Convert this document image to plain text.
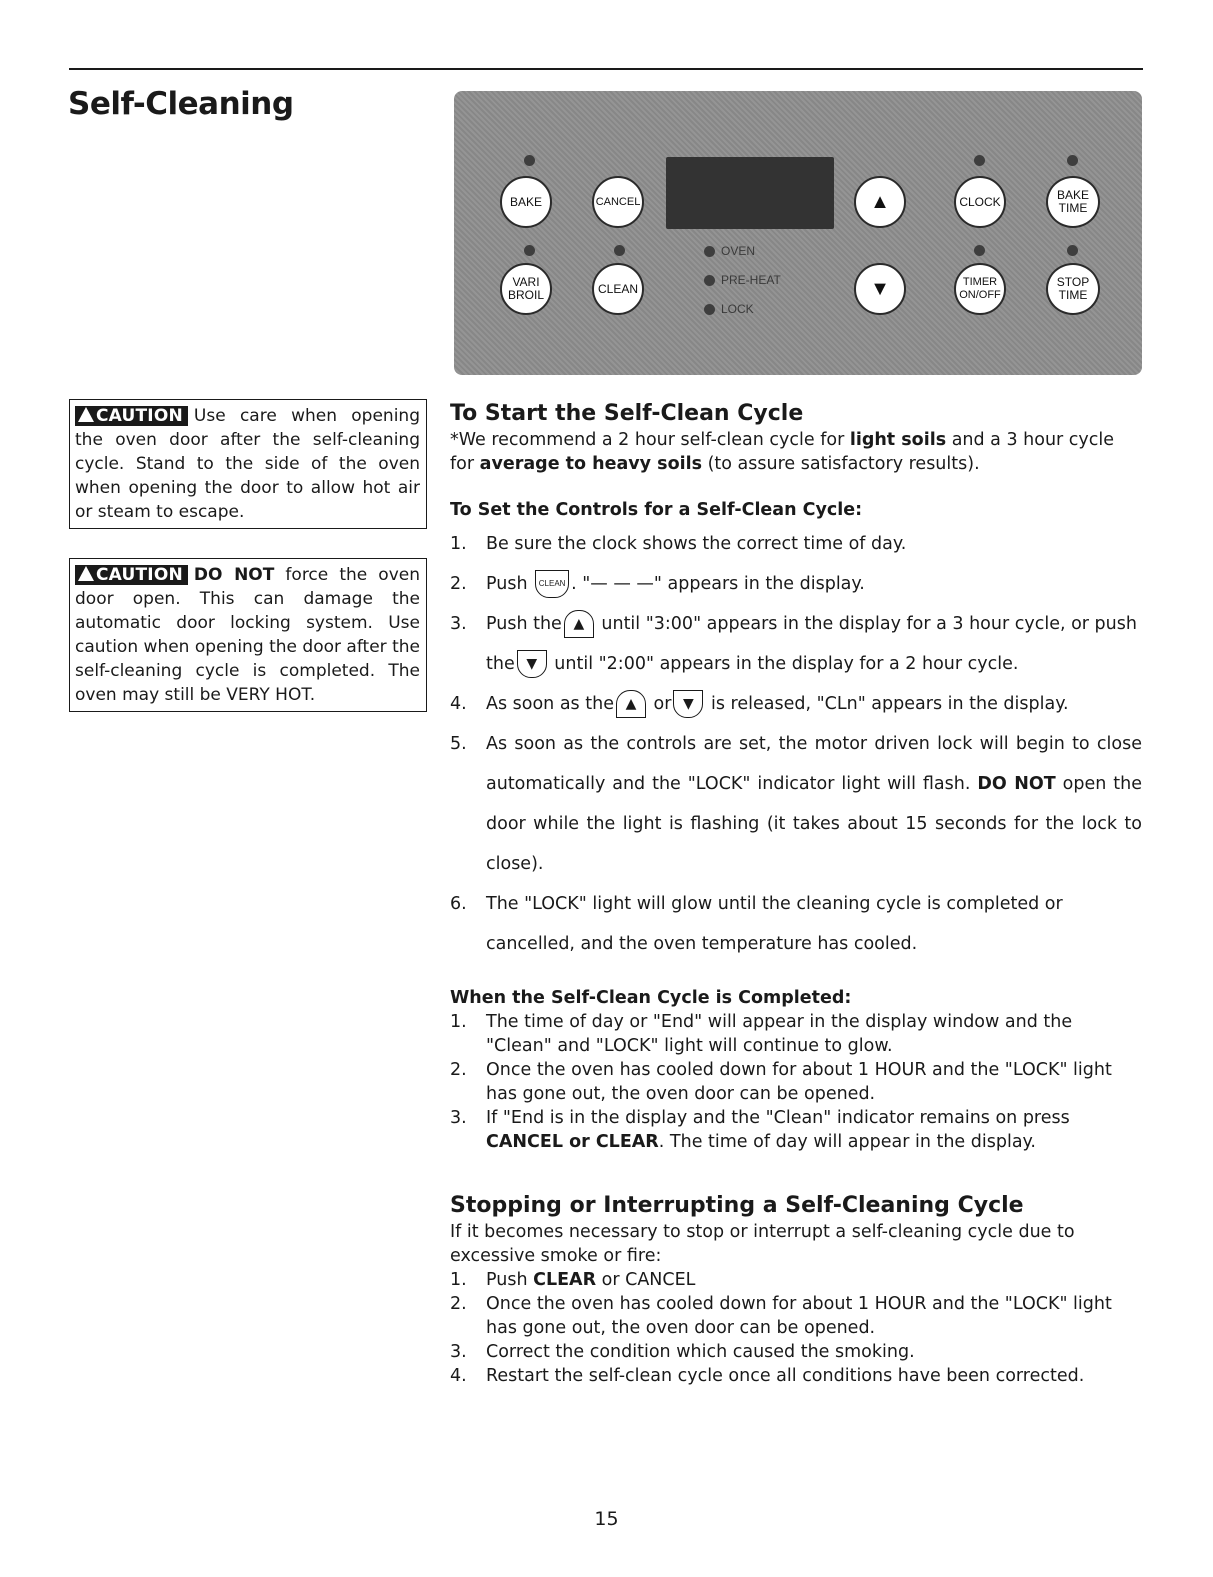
Self-Cleaning
BAKE	CANCEL	▲	CLOCK	BAKE TIME
VARI BROIL	CLEAN
OVEN
PRE-HEAT
LOCK
▼	TIMER ON/OFF
STOP TIME
CAUTION Use care when opening the oven door after the self-cleaning cycle. Stand to the side of the oven when opening the door to allow hot air or steam to escape.
CAUTION DO NOT force the oven door open. This can damage the automatic door locking system. Use caution when opening the door after the self-cleaning cycle is completed. The oven may still be VERY HOT.
To Start the Self-Clean Cycle
*We recommend a 2 hour self-clean cycle for light soils and a 3 hour cycle for average to heavy soils (to assure satisfactory results).
To Set the Controls for a Self-Clean Cycle:
1. Be sure the clock shows the correct time of day.
2. Push CLEAN . "— — —" appears in the display.
3. Push the ▲ until "3:00" appears in the display for a 3 hour cycle, or push the ▼ until "2:00" appears in the display for a 2 hour cycle.
4. As soon as the ▲ or ▼ is released, "CLn" appears in the display.
5. As soon as the controls are set, the motor driven lock will begin to close automatically and the "LOCK" indicator light will flash. DO NOT open the door while the light is flashing (it takes about 15 seconds for the lock to close).
6. The "LOCK" light will glow until the cleaning cycle is completed or cancelled, and the oven temperature has cooled.
When the Self-Clean Cycle is Completed:
1. The time of day or "End" will appear in the display window and the "Clean" and "LOCK" light will continue to glow.
2. Once the oven has cooled down for about 1 HOUR and the "LOCK" light has gone out, the oven door can be opened.
3. If "End is in the display and the "Clean" indicator remains on press CANCEL or CLEAR. The time of day will appear in the display.
Stopping or Interrupting a Self-Cleaning Cycle
If it becomes necessary to stop or interrupt a self-cleaning cycle due to excessive smoke or fire:
1. Push CLEAR or CANCEL
2. Once the oven has cooled down for about 1 HOUR and the "LOCK" light has gone out, the oven door can be opened.
3. Correct the condition which caused the smoking.
4. Restart the self-clean cycle once all conditions have been corrected.
15
